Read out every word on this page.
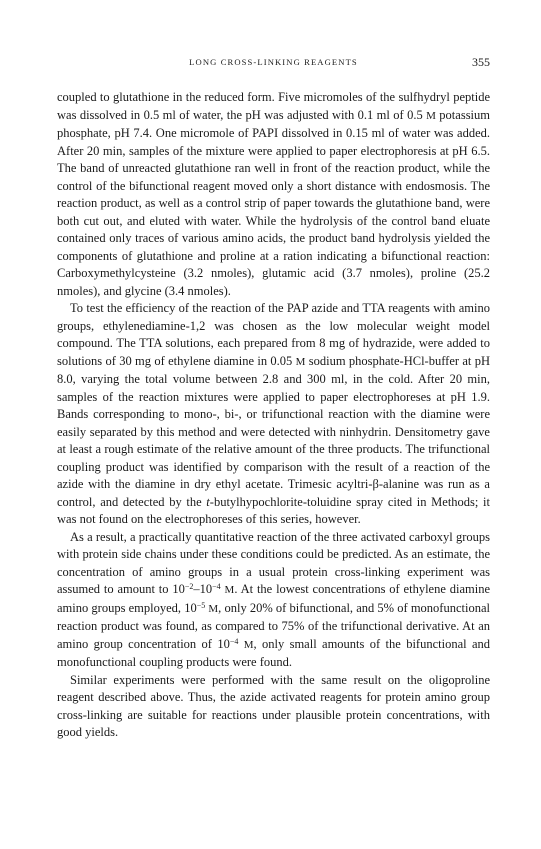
LONG CROSS-LINKING REAGENTS	355

coupled to glutathione in the reduced form. Five micromoles of the sulfhydryl peptide was dissolved in 0.5 ml of water, the pH was adjusted with 0.1 ml of 0.5 M potassium phosphate, pH 7.4. One micromole of PAPI dissolved in 0.15 ml of water was added. After 20 min, samples of the mixture were applied to paper electrophoresis at pH 6.5. The band of unreacted glutathione ran well in front of the reaction product, while the control of the bifunctional reagent moved only a short distance with endosmosis. The reaction product, as well as a control strip of paper towards the glutathione band, were both cut out, and eluted with water. While the hydrolysis of the control band eluate contained only traces of various amino acids, the product band hydrolysis yielded the components of glutathione and proline at a ration indicating a bifunctional reaction: Carboxymethylcysteine (3.2 nmoles), glutamic acid (3.7 nmoles), proline (25.2 nmoles), and glycine (3.4 nmoles).

To test the efficiency of the reaction of the PAP azide and TTA reagents with amino groups, ethylenediamine-1,2 was chosen as the low molecular weight model compound. The TTA solutions, each prepared from 8 mg of hydrazide, were added to solutions of 30 mg of ethylene diamine in 0.05 M sodium phosphate-HCl-buffer at pH 8.0, varying the total volume between 2.8 and 300 ml, in the cold. After 20 min, samples of the reaction mixtures were applied to paper electrophoreses at pH 1.9. Bands corresponding to mono-, bi-, or trifunctional reaction with the diamine were easily separated by this method and were detected with ninhydrin. Densitometry gave at least a rough estimate of the relative amount of the three products. The trifunctional coupling product was identified by comparison with the result of a reaction of the azide with the diamine in dry ethyl acetate. Trimesic acyltri-β-alanine was run as a control, and detected by the t-butylhypochlorite-toluidine spray cited in Methods; it was not found on the electrophoreses of this series, however.

As a result, a practically quantitative reaction of the three activated carboxyl groups with protein side chains under these conditions could be predicted. As an estimate, the concentration of amino groups in a usual protein cross-linking experiment was assumed to amount to $10^{-2}-10^{-4}$ M. At the lowest concentrations of ethylene diamine amino groups employed, $10^{-5}$ M, only 20% of bifunctional, and 5% of monofunctional reaction product was found, as compared to 75% of the trifunctional derivative. At an amino group concentration of $10^{-4}$ M, only small amounts of the bifunctional and monofunctional coupling products were found.

Similar experiments were performed with the same result on the oligoproline reagent described above. Thus, the azide activated reagents for protein amino group cross-linking are suitable for reactions under plausible protein concentrations, with good yields.
